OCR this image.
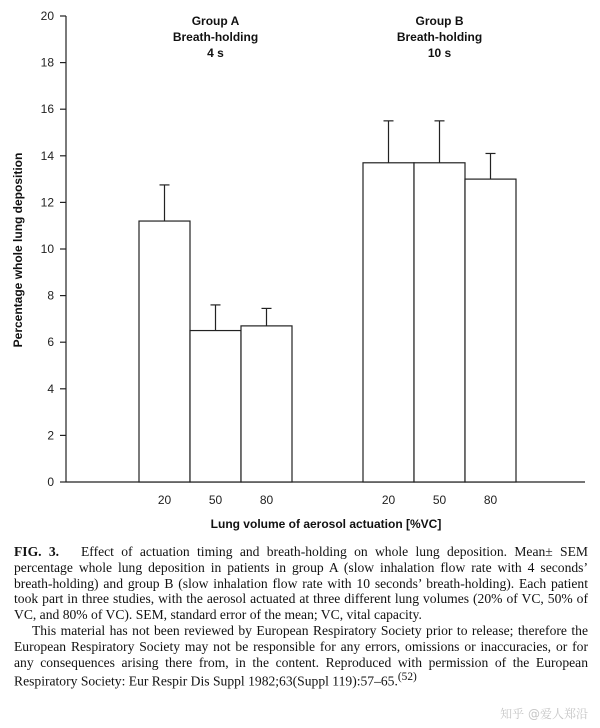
0
2
4
6
8
10
12
14
16
18
20
20	50	80	20	50	80
Group A
Breath-holding
4 s
Group B
Breath-holding
10 s
Percentage whole lung deposition
Lung volume of aerosol actuation [%VC]

FIG. 3. Effect of actuation timing and breath-holding on whole lung deposition. Mean± SEM percentage whole lung deposition in patients in group A (slow inhalation flow rate with 4 seconds’ breath-holding) and group B (slow inhalation flow rate with 10 seconds’ breath-holding). Each patient took part in three studies, with the aerosol actuated at three different lung volumes (20% of VC, 50% of VC, and 80% of VC). SEM, standard error of the mean; VC, vital capacity.

This material has not been reviewed by European Respiratory Society prior to release; therefore the European Respiratory Society may not be responsible for any errors, omissions or inaccuracies, or for any consequences arising there from, in the content. Reproduced with permission of the European Respiratory Society: Eur Respir Dis Suppl 1982;63(Suppl 119):57–65.$^{(52)}$

知乎 @爱人郑沿
